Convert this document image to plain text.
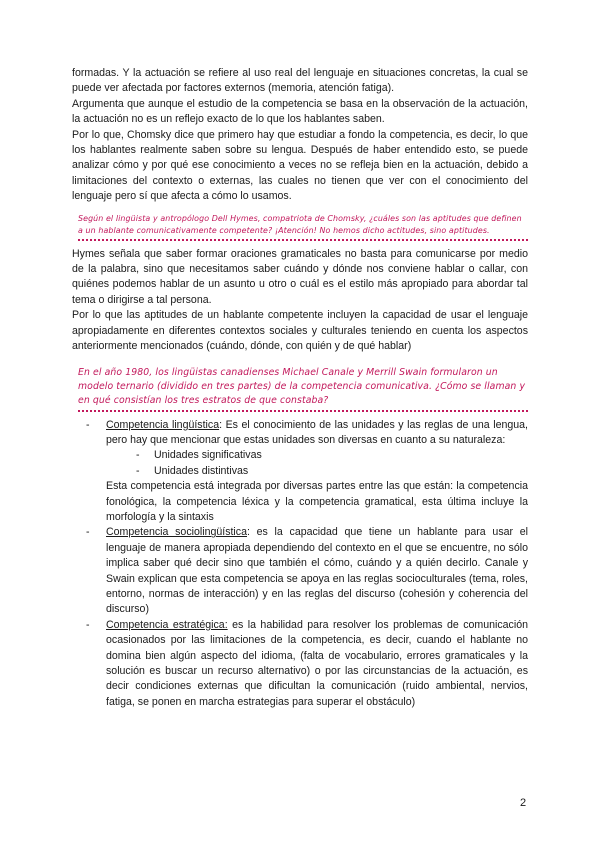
formadas. Y la actuación se refiere al uso real del lenguaje en situaciones concretas, la cual se puede ver afectada por factores externos (memoria, atención fatiga).

Argumenta que aunque el estudio de la competencia se basa en la observación de la actuación, la actuación no es un reflejo exacto de lo que los hablantes saben.

Por lo que, Chomsky dice que primero hay que estudiar a fondo la competencia, es decir, lo que los hablantes realmente saben sobre su lengua. Después de haber entendido esto, se puede analizar cómo y por qué ese conocimiento a veces no se refleja bien en la actuación, debido a limitaciones del contexto o externas, las cuales no tienen que ver con el conocimiento del lenguaje pero sí que afecta a cómo lo usamos.

Según el lingüista y antropólogo Dell Hymes, compatriota de Chomsky, ¿cuáles son las aptitudes que definen a un hablante comunicativamente competente? ¡Atención! No hemos dicho actitudes, sino aptitudes.

Hymes señala que saber formar oraciones gramaticales no basta para comunicarse por medio de la palabra, sino que necesitamos saber cuándo y dónde nos conviene hablar o callar, con quiénes podemos hablar de un asunto u otro o cuál es el estilo más apropiado para abordar tal tema o dirigirse a tal persona.

Por lo que las aptitudes de un hablante competente incluyen la capacidad de usar el lenguaje apropiadamente en diferentes contextos sociales y culturales teniendo en cuenta los aspectos anteriormente mencionados (cuándo, dónde, con quién y de qué hablar)

En el año 1980, los lingüistas canadienses Michael Canale y Merrill Swain formularon un modelo ternario (dividido en tres partes) de la competencia comunicativa. ¿Cómo se llaman y en qué consistían los tres estratos de que constaba?

- Competencia lingüística: Es el conocimiento de las unidades y las reglas de una lengua, pero hay que mencionar que estas unidades son diversas en cuanto a su naturaleza:

- Unidades significativas
- Unidades distintivas

Esta competencia está integrada por diversas partes entre las que están: la competencia fonológica, la competencia léxica y la competencia gramatical, esta última incluye la morfología y la sintaxis

- Competencia sociolingüística: es la capacidad que tiene un hablante para usar el lenguaje de manera apropiada dependiendo del contexto en el que se encuentre, no sólo implica saber qué decir sino que también el cómo, cuándo y a quién decirlo. Canale y Swain explican que esta competencia se apoya en las reglas socioculturales (tema, roles, entorno, normas de interacción) y en las reglas del discurso (cohesión y coherencia del discurso)

- Competencia estratégica: es la habilidad para resolver los problemas de comunicación ocasionados por las limitaciones de la competencia, es decir, cuando el hablante no domina bien algún aspecto del idioma, (falta de vocabulario, errores gramaticales y la solución es buscar un recurso alternativo) o por las circunstancias de la actuación, es decir condiciones externas que dificultan la comunicación (ruido ambiental, nervios, fatiga, se ponen en marcha estrategias para superar el obstáculo)

2
